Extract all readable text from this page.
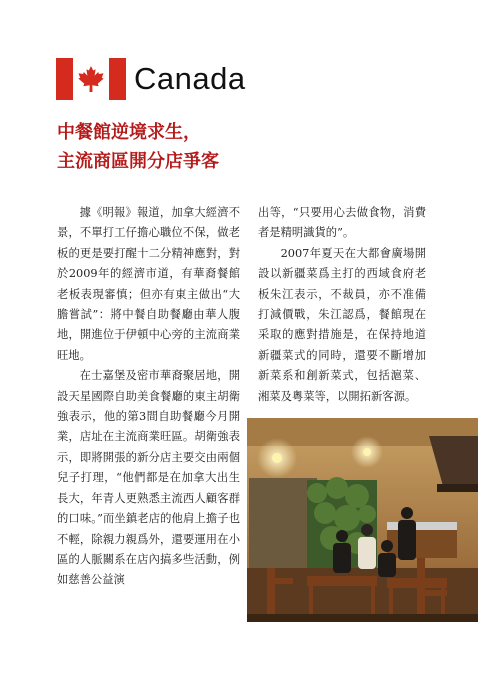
Canada
中餐館逆境求生，
主流商區開分店爭客

據《明報》報道，加拿大經濟不景，不單打工仔擔心職位不保，做老板的更是要打醒十二分精神應對，對於2009年的經濟市道，有華裔餐館老板表現審慎；但亦有東主做出“大膽嘗試”：將中餐自助餐廳由華人腹地，開進位于伊頓中心旁的主流商業旺地。

在士嘉堡及密市華裔聚居地，開設天星國際自助美食餐廳的東主胡衛強表示，他的第3間自助餐廳今月開業，店址在主流商業旺區。胡衛強表示，即將開張的新分店主要交由兩個兒子打理，“他們都是在加拿大出生長大，年青人更熟悉主流西人顧客群的口味。”而坐鎮老店的他肩上擔子也不輕，除親力親爲外，還要運用在小區的人脈關系在店內搞多些活動，例如慈善公益演

出等，“只要用心去做食物，消費者是精明識貨的”。

2007年夏天在大都會廣場開設以新疆菜爲主打的西域食府老板朱江表示，不裁員，亦不准備打減價戰，朱江認爲，餐館現在采取的應對措施是，在保持地道新疆菜式的同時，還要不斷增加新菜系和創新菜式，包括滬菜、湘菜及粵菜等，以開拓新客源。
